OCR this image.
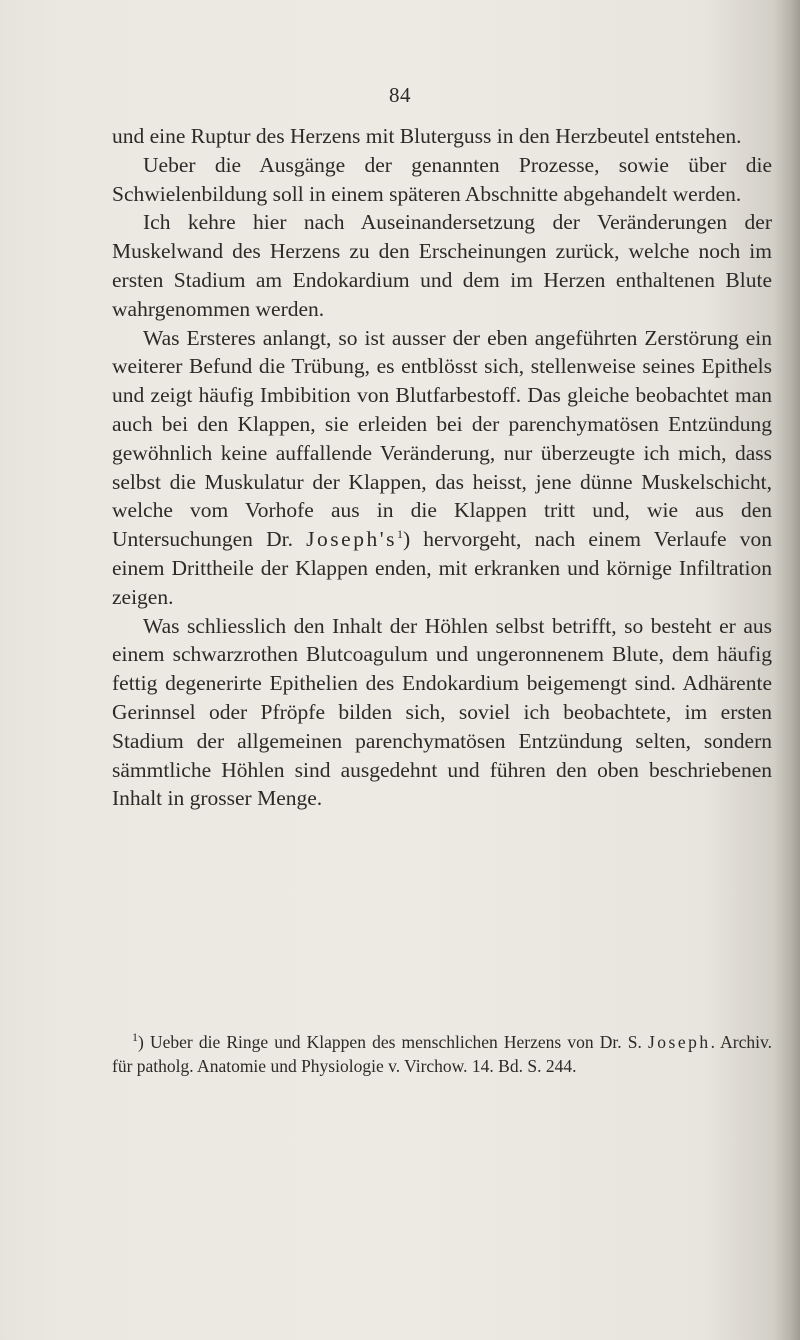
84

und eine Ruptur des Herzens mit Bluterguss in den Herzbeutel entstehen.

Ueber die Ausgänge der genannten Prozesse, sowie über die Schwielenbildung soll in einem späteren Abschnitte abgehandelt werden.

Ich kehre hier nach Auseinandersetzung der Veränderungen der Muskelwand des Herzens zu den Erscheinungen zurück, welche noch im ersten Stadium am Endokardium und dem im Herzen enthaltenen Blute wahrgenommen werden.

Was Ersteres anlangt, so ist ausser der eben angeführten Zerstörung ein weiterer Befund die Trübung, es entblösst sich, stellenweise seines Epithels und zeigt häufig Imbibition von Blutfarbestoff. Das gleiche beobachtet man auch bei den Klappen, sie erleiden bei der parenchymatösen Entzündung gewöhnlich keine auffallende Veränderung, nur überzeugte ich mich, dass selbst die Muskulatur der Klappen, das heisst, jene dünne Muskelschicht, welche vom Vorhofe aus in die Klappen tritt und, wie aus den Untersuchungen Dr. $Joseph's^1$) hervorgeht, nach einem Verlaufe von einem Drittheile der Klappen enden, mit erkranken und körnige Infiltration zeigen.

Was schliesslich den Inhalt der Höhlen selbst betrifft, so besteht er aus einem schwarzrothen Blutcoagulum und ungeronnenem Blute, dem häufig fettig degenerirte Epithelien des Endokardium beigemengt sind. Adhärente Gerinnsel oder Pfröpfe bilden sich, soviel ich beobachtete, im ersten Stadium der allgemeinen parenchymatösen Entzündung selten, sondern sämmtliche Höhlen sind ausgedehnt und führen den oben beschriebenen Inhalt in grosser Menge.

$^1$) Ueber die Ringe und Klappen des menschlichen Herzens von Dr. S. Joseph. Archiv. für patholg. Anatomie und Physiologie v. Virchow. 14. Bd. S. 244.
